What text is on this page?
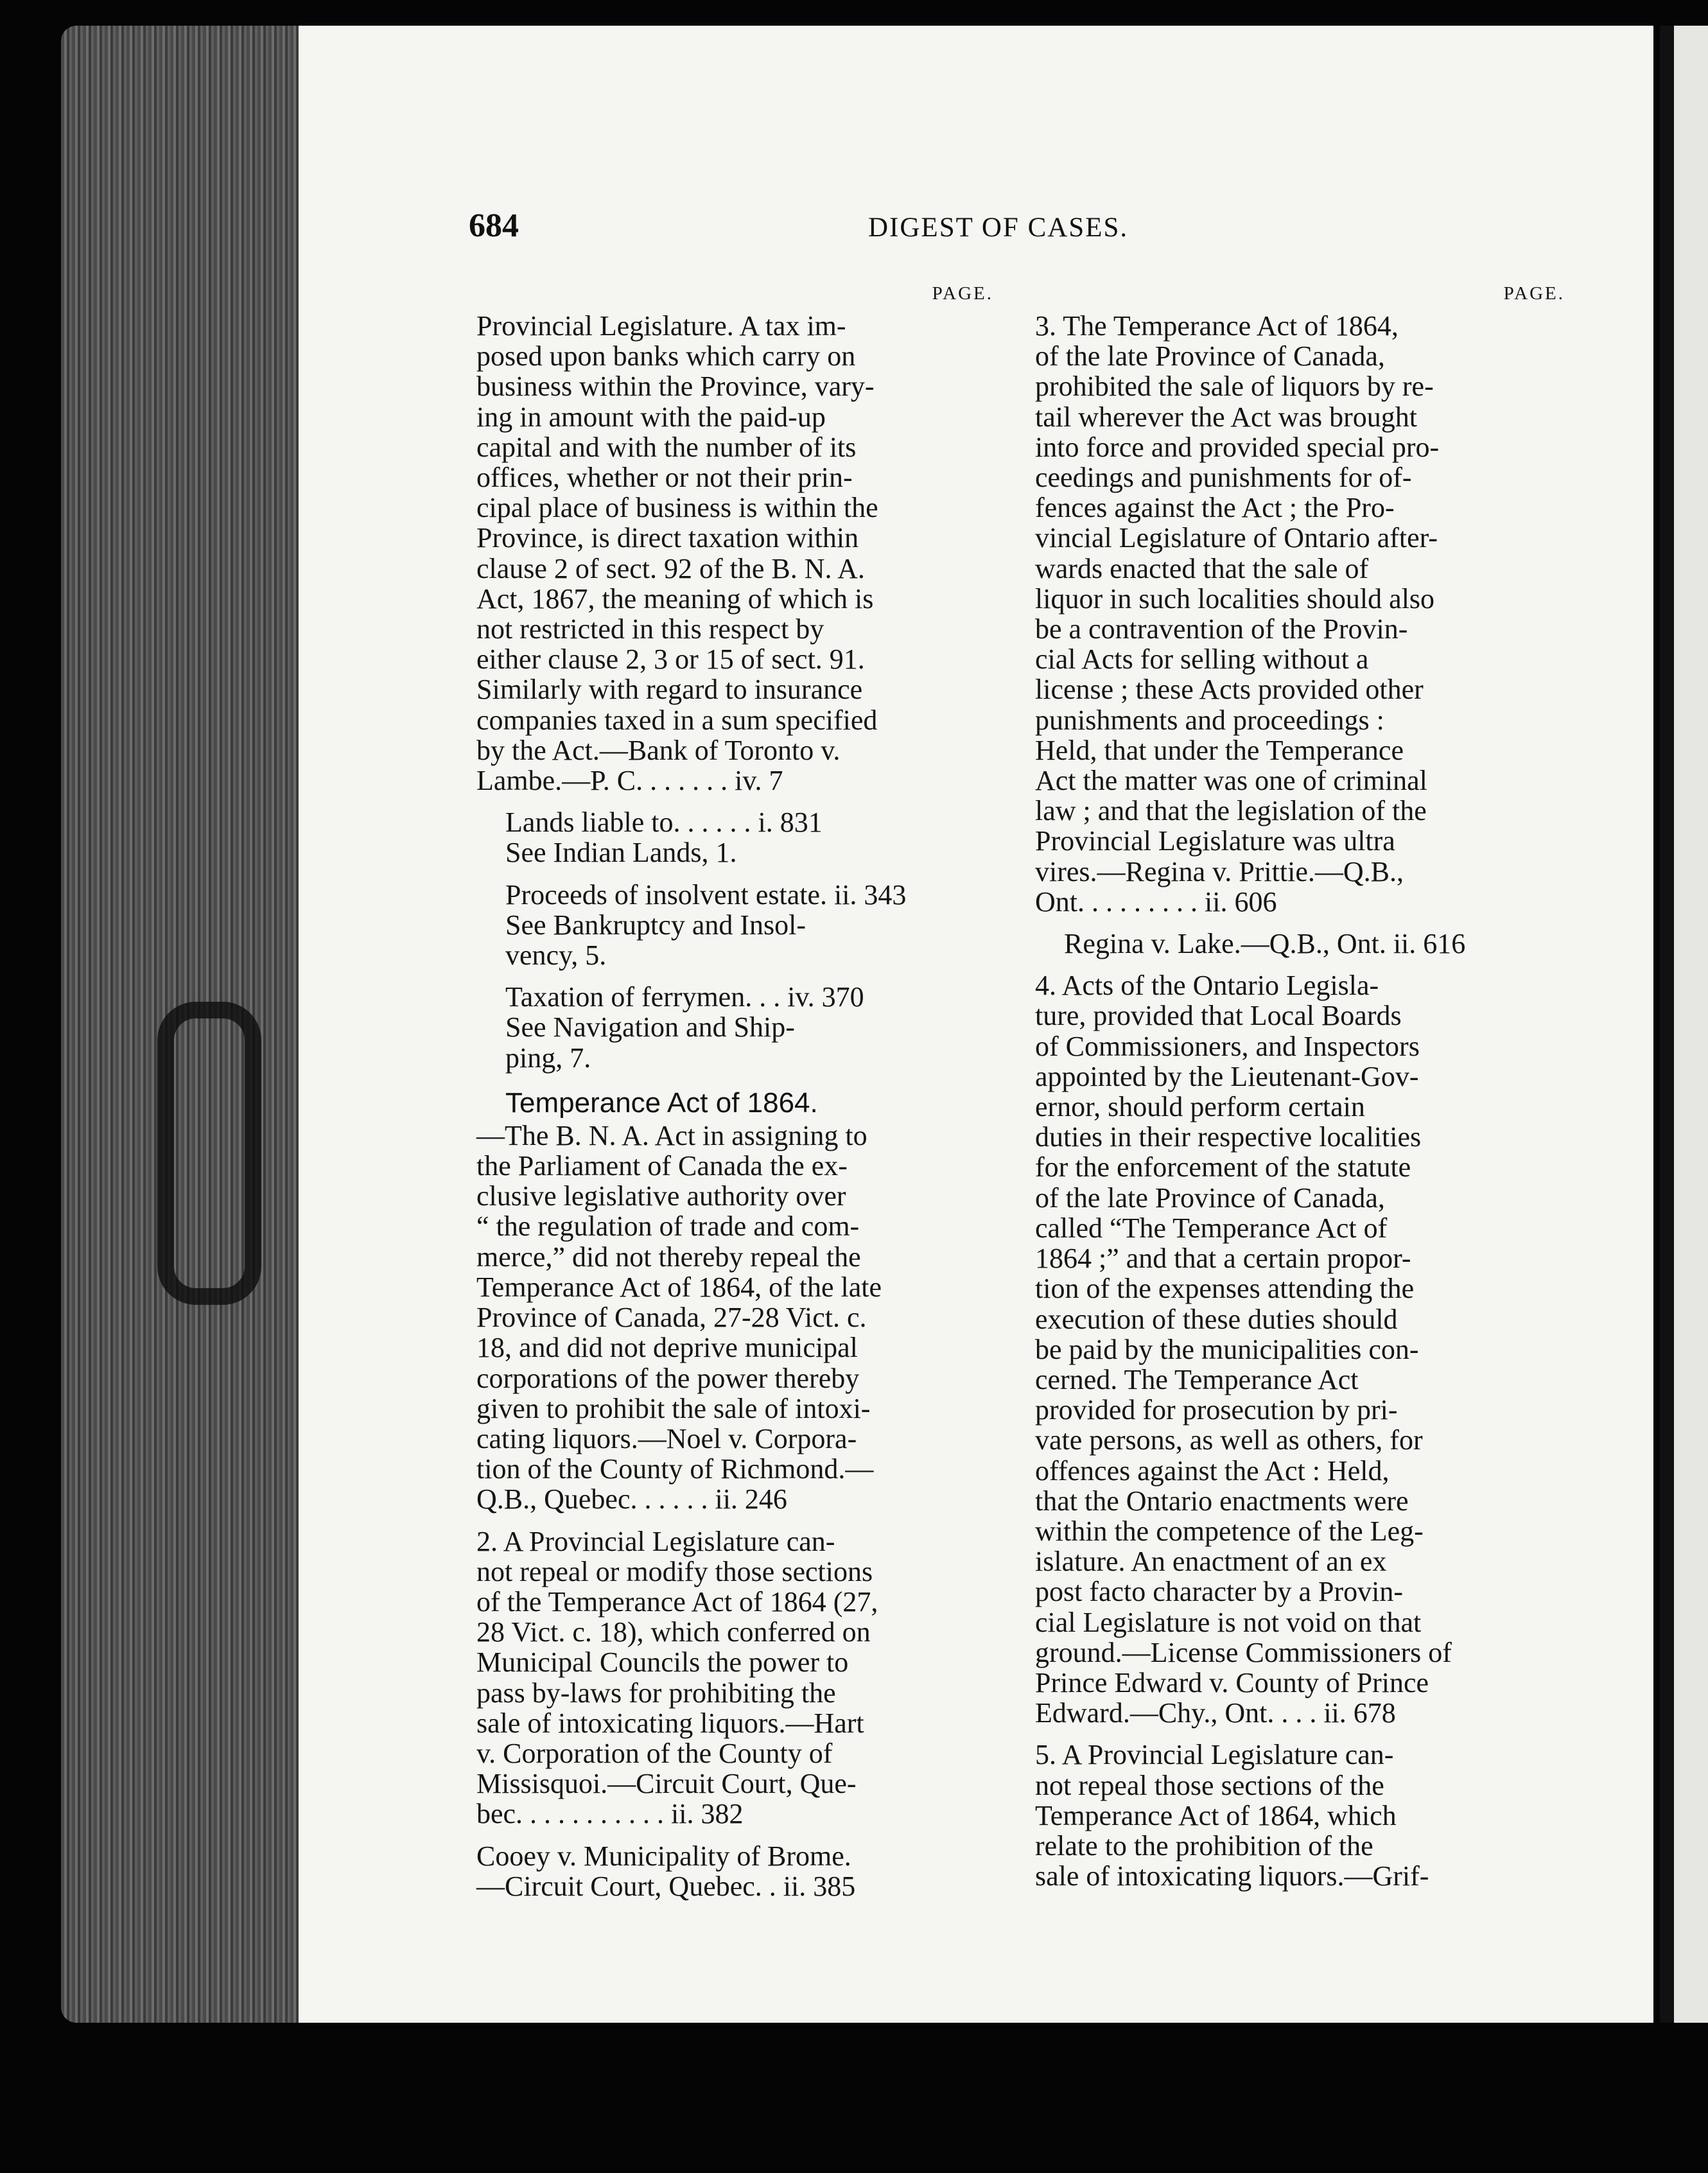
684	DIGEST OF CASES.
PAGE.
Provincial Legislature. A tax im-
posed upon banks which carry on
business within the Province, vary-
ing in amount with the paid-up
capital and with the number of its
offices, whether or not their prin-
cipal place of business is within the
Province, is direct taxation within
clause 2 of sect. 92 of the B. N. A.
Act, 1867, the meaning of which is
not restricted in this respect by
either clause 2, 3 or 15 of sect. 91.
Similarly with regard to insurance
companies taxed in a sum specified
by the Act.—Bank of Toronto v.
Lambe.—P. C. . . . . . . iv. 7
Lands liable to. . . . . . i. 831
See Indian Lands, 1.
Proceeds of insolvent estate. ii. 343
See Bankruptcy and Insol-
vency, 5.
Taxation of ferrymen. . . iv. 370
See Navigation and Ship-
ping, 7.
Temperance Act of 1864.
—The B. N. A. Act in assigning to
the Parliament of Canada the ex-
clusive legislative authority over
“ the regulation of trade and com-
merce,” did not thereby repeal the
Temperance Act of 1864, of the late
Province of Canada, 27-28 Vict. c.
18, and did not deprive municipal
corporations of the power thereby
given to prohibit the sale of intoxi-
cating liquors.—Noel v. Corpora-
tion of the County of Richmond.—
Q.B., Quebec. . . . . . ii. 246
2. A Provincial Legislature can-
not repeal or modify those sections
of the Temperance Act of 1864 (27,
28 Vict. c. 18), which conferred on
Municipal Councils the power to
pass by-laws for prohibiting the
sale of intoxicating liquors.—Hart
v. Corporation of the County of
Missisquoi.—Circuit Court, Que-
bec. . . . . . . . . . . ii. 382
Cooey v. Municipality of Brome.
—Circuit Court, Quebec. . ii. 385
PAGE.
3. The Temperance Act of 1864,
of the late Province of Canada,
prohibited the sale of liquors by re-
tail wherever the Act was brought
into force and provided special pro-
ceedings and punishments for of-
fences against the Act ; the Pro-
vincial Legislature of Ontario after-
wards enacted that the sale of
liquor in such localities should also
be a contravention of the Provin-
cial Acts for selling without a
license ; these Acts provided other
punishments and proceedings :
Held, that under the Temperance
Act the matter was one of criminal
law ; and that the legislation of the
Provincial Legislature was ultra
vires.—Regina v. Prittie.—Q.B.,
Ont. . . . . . . . . ii. 606
Regina v. Lake.—Q.B., Ont. ii. 616
4. Acts of the Ontario Legisla-
ture, provided that Local Boards
of Commissioners, and Inspectors
appointed by the Lieutenant-Gov-
ernor, should perform certain
duties in their respective localities
for the enforcement of the statute
of the late Province of Canada,
called “The Temperance Act of
1864 ;” and that a certain propor-
tion of the expenses attending the
execution of these duties should
be paid by the municipalities con-
cerned. The Temperance Act
provided for prosecution by pri-
vate persons, as well as others, for
offences against the Act : Held,
that the Ontario enactments were
within the competence of the Leg-
islature. An enactment of an ex
post facto character by a Provin-
cial Legislature is not void on that
ground.—License Commissioners of
Prince Edward v. County of Prince
Edward.—Chy., Ont. . . . ii. 678
5. A Provincial Legislature can-
not repeal those sections of the
Temperance Act of 1864, which
relate to the prohibition of the
sale of intoxicating liquors.—Grif-
